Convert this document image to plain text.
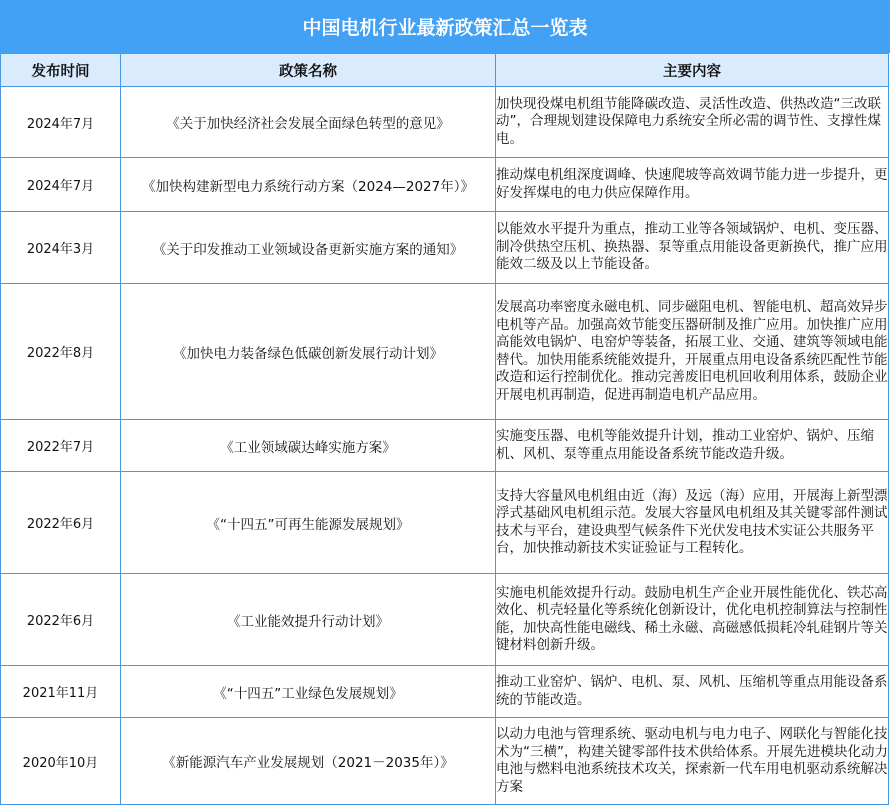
中国电机行业最新政策汇总一览表
发布时间	政策名称	主要内容
2024年7月	《关于加快经济社会发展全面绿色转型的意见》	加快现役煤电机组节能降碳改造、灵活性改造、供热改造“三改联动”，合理规划建设保障电力系统安全所必需的调节性、支撑性煤电。
2024年7月	《加快构建新型电力系统行动方案（2024—2027年）》	推动煤电机组深度调峰、快速爬坡等高效调节能力进一步提升，更好发挥煤电的电力供应保障作用。
2024年3月	《关于印发推动工业领域设备更新实施方案的通知》	以能效水平提升为重点，推动工业等各领域锅炉、电机、变压器、制冷供热空压机、换热器、泵等重点用能设备更新换代，推广应用能效二级及以上节能设备。
2022年8月	《加快电力装备绿色低碳创新发展行动计划》	发展高功率密度永磁电机、同步磁阻电机、智能电机、超高效异步电机等产品。加强高效节能变压器研制及推广应用。加快推广应用高能效电锅炉、电窑炉等装备，拓展工业、交通、建筑等领域电能替代。加快用能系统能效提升，开展重点用电设备系统匹配性节能改造和运行控制优化。推动完善废旧电机回收利用体系，鼓励企业开展电机再制造，促进再制造电机产品应用。
2022年7月	《工业领域碳达峰实施方案》	实施变压器、电机等能效提升计划，推动工业窑炉、锅炉、压缩机、风机、泵等重点用能设备系统节能改造升级。
2022年6月	《“十四五”可再生能源发展规划》	支持大容量风电机组由近（海）及远（海）应用，开展海上新型漂浮式基础风电机组示范。发展大容量风电机组及其关键零部件测试技术与平台，建设典型气候条件下光伏发电技术实证公共服务平台，加快推动新技术实证验证与工程转化。
2022年6月	《工业能效提升行动计划》	实施电机能效提升行动。鼓励电机生产企业开展性能优化、铁芯高效化、机壳轻量化等系统化创新设计，优化电机控制算法与控制性能，加快高性能电磁线、稀土永磁、高磁感低损耗冷轧硅钢片等关键材料创新升级。
2021年11月	《“十四五”工业绿色发展规划》	推动工业窑炉、锅炉、电机、泵、风机、压缩机等重点用能设备系统的节能改造。
2020年10月	《新能源汽车产业发展规划（2021－2035年）》	以动力电池与管理系统、驱动电机与电力电子、网联化与智能化技术为“三横”，构建关键零部件技术供给体系。开展先进模块化动力电池与燃料电池系统技术攻关，探索新一代车用电机驱动系统解决方案
